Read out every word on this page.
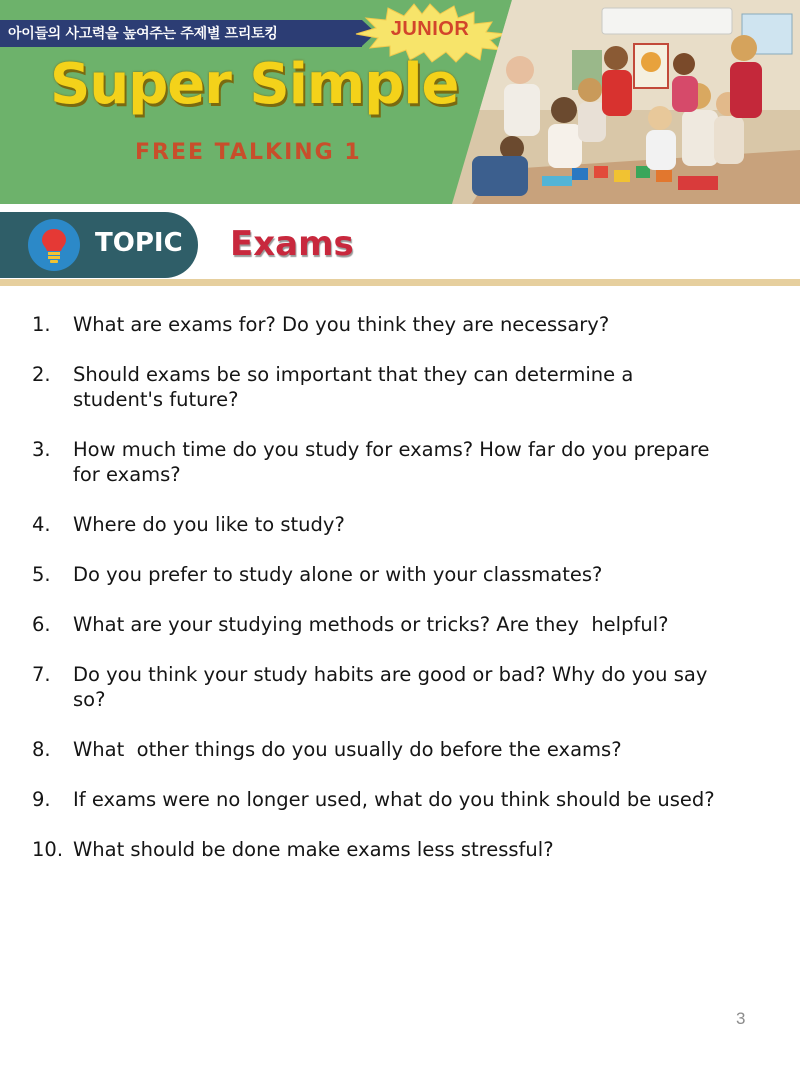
아이들의 사고력을 높여주는 주제별 프리토킹	JUNIOR
Super Simple
FREE TALKING 1
TOPIC Exams
1.	What are exams for? Do you think they are necessary?
2.	Should exams be so important that they can determine a
student's future?
3.	How much time do you study for exams? How far do you prepare
for exams?
4.	Where do you like to study?
5.	Do you prefer to study alone or with your classmates?
6.	What are your studying methods or tricks? Are they  helpful?
7.	Do you think your study habits are good or bad? Why do you say
so?
8.	What  other things do you usually do before the exams?
9.	If exams were no longer used, what do you think should be used?
10. What should be done make exams less stressful?
3
